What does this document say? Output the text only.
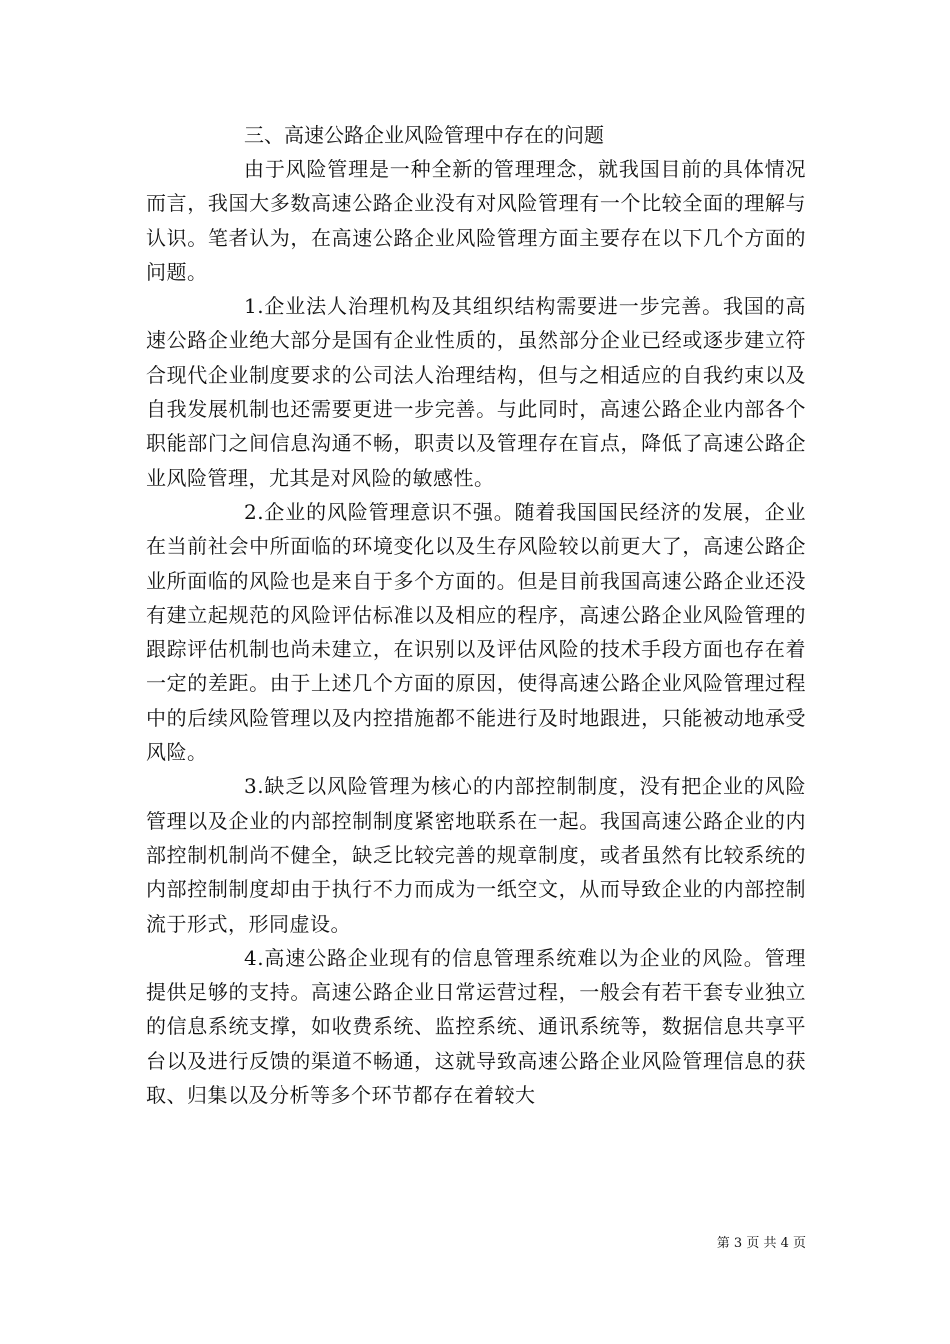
三、高速公路企业风险管理中存在的问题

由于风险管理是一种全新的管理理念，就我国目前的具体情况而言，我国大多数高速公路企业没有对风险管理有一个比较全面的理解与认识。笔者认为，在高速公路企业风险管理方面主要存在以下几个方面的问题。

1.企业法人治理机构及其组织结构需要进一步完善。我国的高速公路企业绝大部分是国有企业性质的，虽然部分企业已经或逐步建立符合现代企业制度要求的公司法人治理结构，但与之相适应的自我约束以及自我发展机制也还需要更进一步完善。与此同时，高速公路企业内部各个职能部门之间信息沟通不畅，职责以及管理存在盲点，降低了高速公路企业风险管理，尤其是对风险的敏感性。

2.企业的风险管理意识不强。随着我国国民经济的发展，企业在当前社会中所面临的环境变化以及生存风险较以前更大了，高速公路企业所面临的风险也是来自于多个方面的。但是目前我国高速公路企业还没有建立起规范的风险评估标准以及相应的程序，高速公路企业风险管理的跟踪评估机制也尚未建立，在识别以及评估风险的技术手段方面也存在着一定的差距。由于上述几个方面的原因，使得高速公路企业风险管理过程中的后续风险管理以及内控措施都不能进行及时地跟进，只能被动地承受风险。

3.缺乏以风险管理为核心的内部控制制度，没有把企业的风险管理以及企业的内部控制制度紧密地联系在一起。我国高速公路企业的内部控制机制尚不健全，缺乏比较完善的规章制度，或者虽然有比较系统的内部控制制度却由于执行不力而成为一纸空文，从而导致企业的内部控制流于形式，形同虚设。

4.高速公路企业现有的信息管理系统难以为企业的风险。管理提供足够的支持。高速公路企业日常运营过程，一般会有若干套专业独立的信息系统支撑，如收费系统、监控系统、通讯系统等，数据信息共享平台以及进行反馈的渠道不畅通，这就导致高速公路企业风险管理信息的获取、归集以及分析等多个环节都存在着较大

第 3 页 共 4 页
